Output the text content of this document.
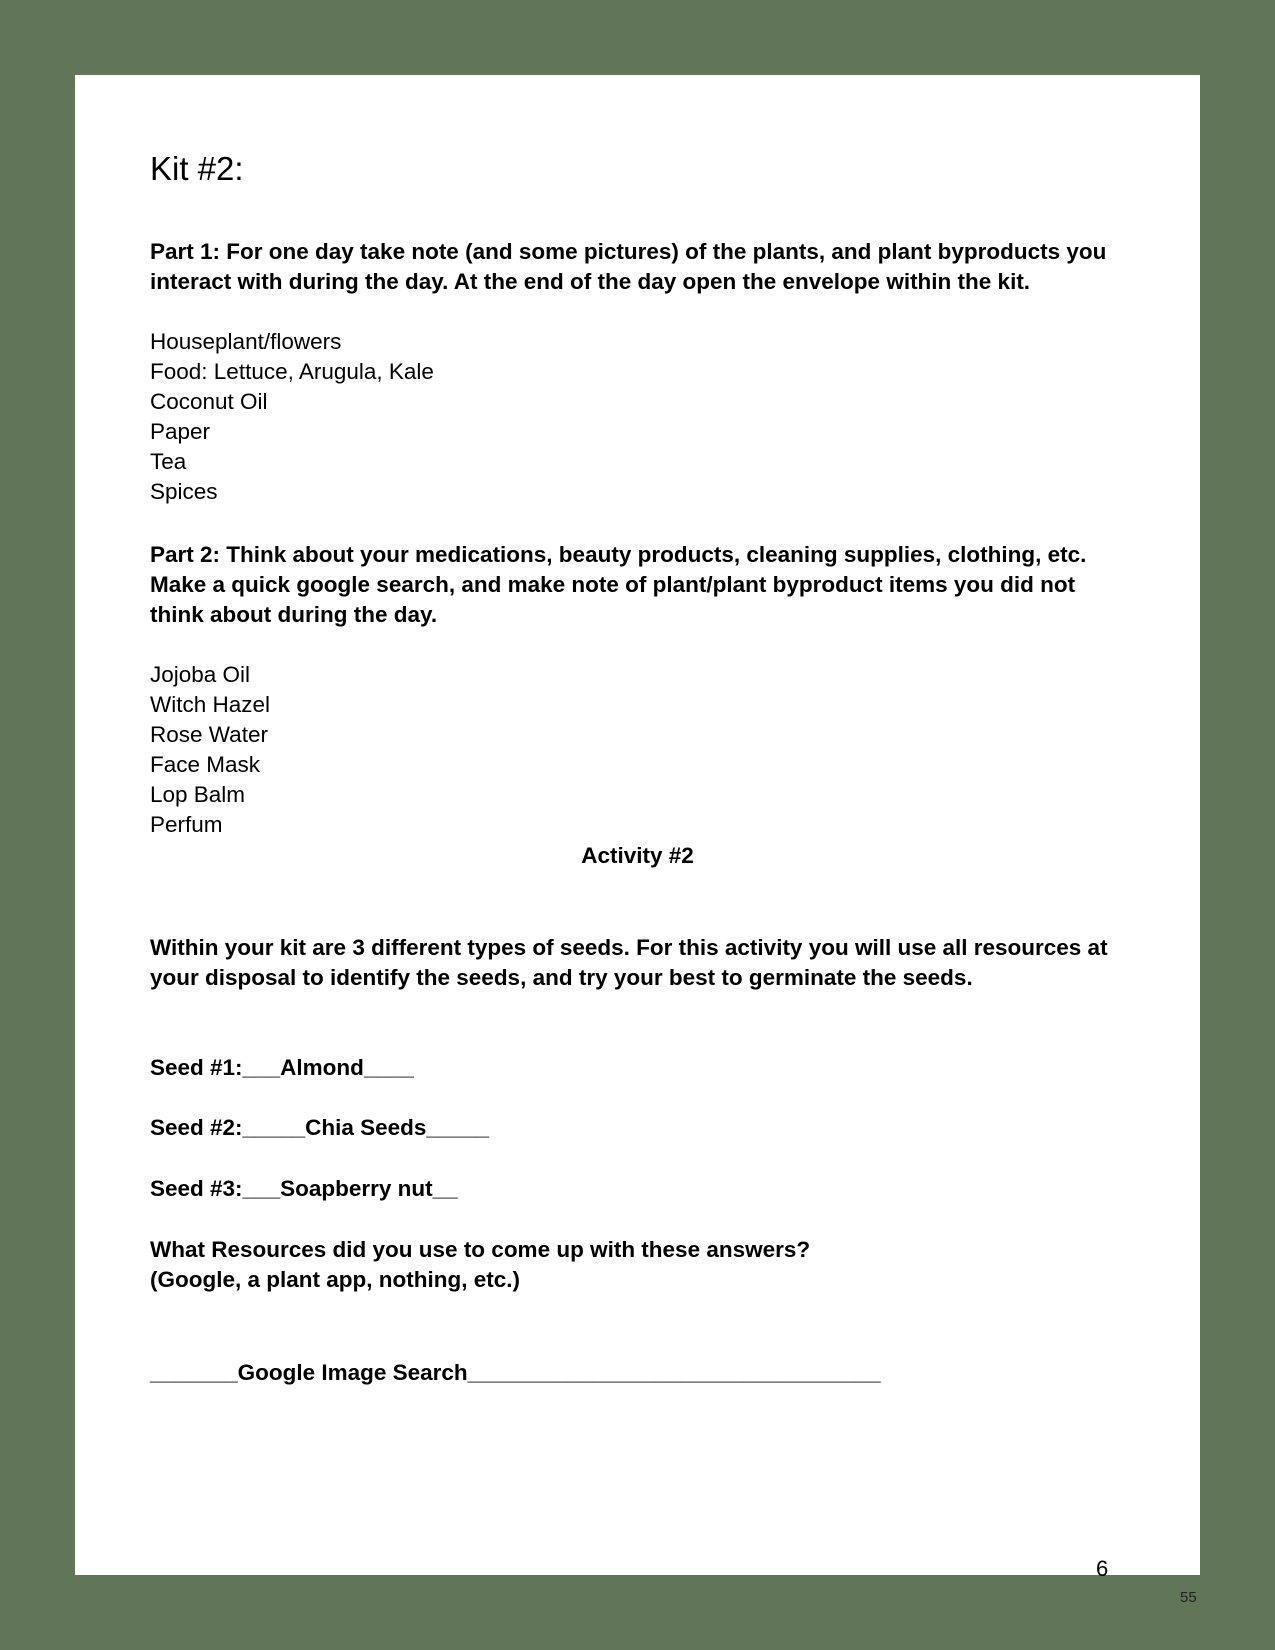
Kit #2:
Part 1: For one day take note (and some pictures) of the plants, and plant byproducts you
interact with during the day. At the end of the day open the envelope within the kit.
Houseplant/flowers
Food: Lettuce, Arugula, Kale
Coconut Oil
Paper
Tea
Spices
Part 2: Think about your medications, beauty products, cleaning supplies, clothing, etc.
Make a quick google search, and make note of plant/plant byproduct items you did not
think about during the day.
Jojoba Oil
Witch Hazel
Rose Water
Face Mask
Lop Balm
Perfum
Activity #2
Within your kit are 3 different types of seeds. For this activity you will use all resources at
your disposal to identify the seeds, and try your best to germinate the seeds.
Seed #1:___Almond____
Seed #2:_____Chia Seeds_____
Seed #3:___Soapberry nut__
What Resources did you use to come up with these answers?
(Google, a plant app, nothing, etc.)
_______Google Image Search_________________________________
6
55
